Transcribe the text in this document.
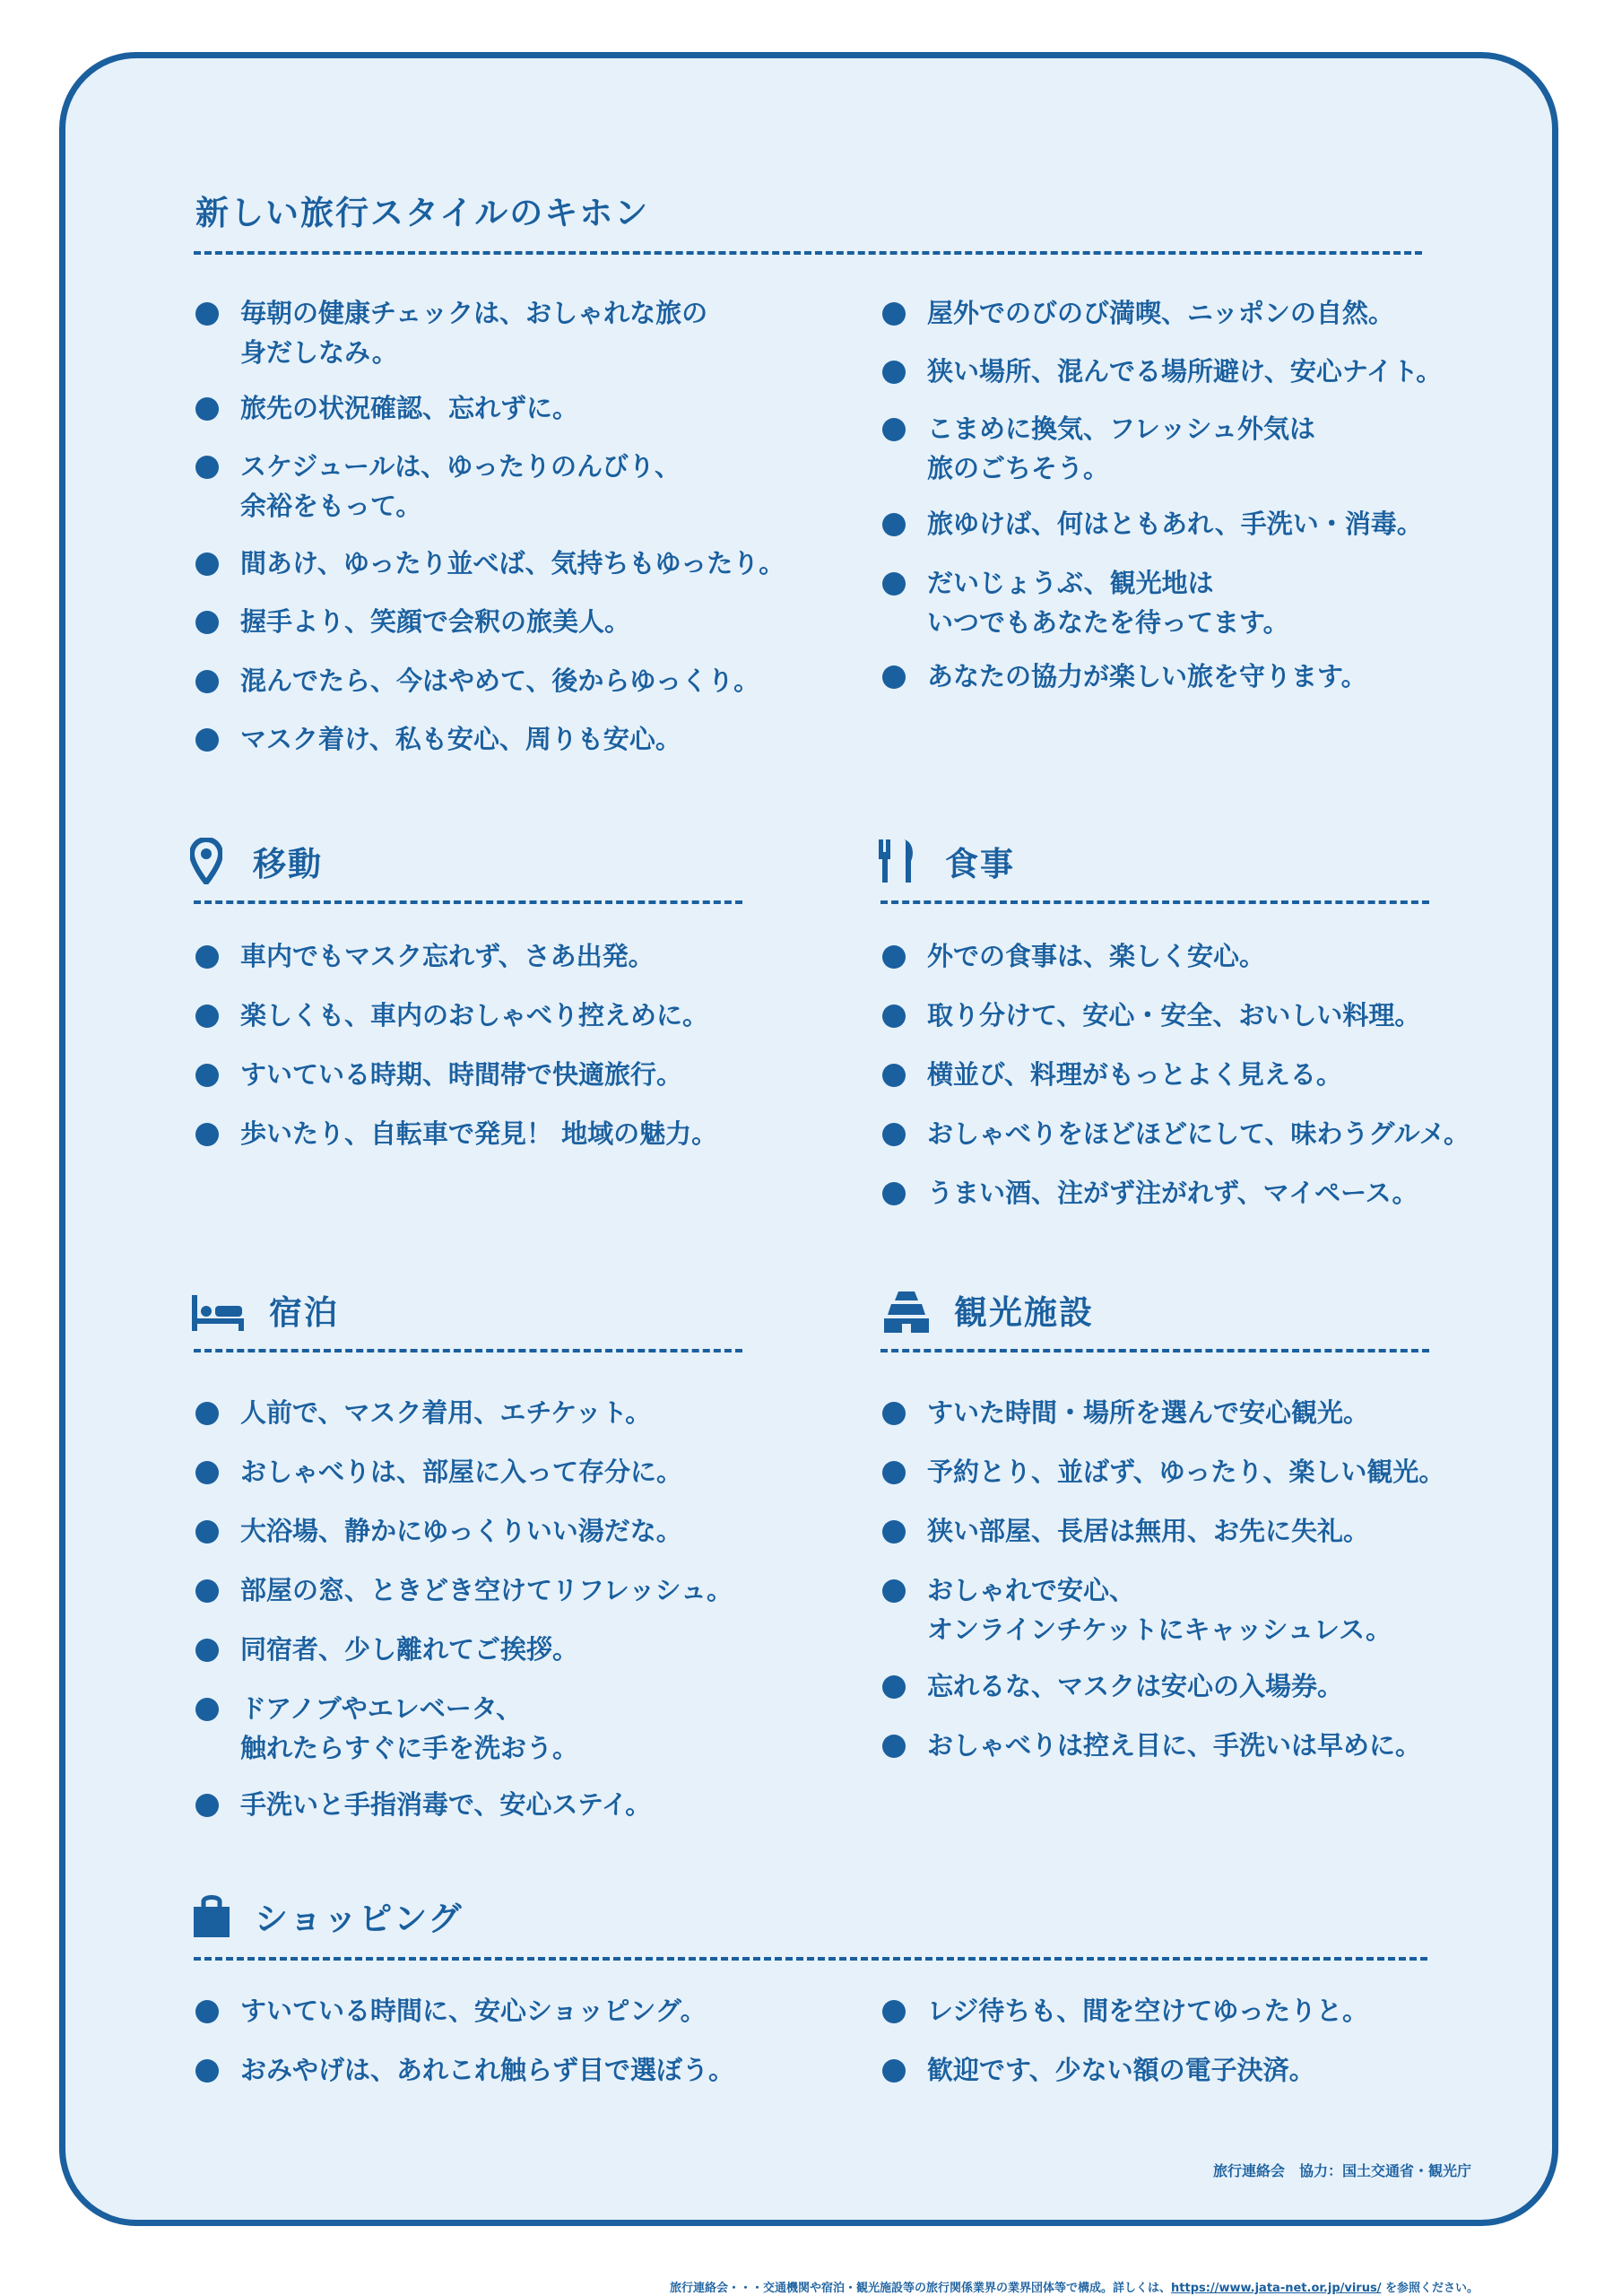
新しい旅行スタイルのキホン
毎朝の健康チェックは、おしゃれな旅の
身だしなみ。
旅先の状況確認、忘れずに。
スケジュールは、ゆったりのんびり、
余裕をもって。
間あけ、ゆったり並べば、気持ちもゆったり。
握手より、笑顔で会釈の旅美人。
混んでたら、今はやめて、後からゆっくり。
マスク着け、私も安心、周りも安心。
屋外でのびのび満喫、ニッポンの自然。
狭い場所、混んでる場所避け、安心ナイト。
こまめに換気、フレッシュ外気は
旅のごちそう。
旅ゆけば、何はともあれ、手洗い・消毒。
だいじょうぶ、観光地は
いつでもあなたを待ってます。
あなたの協力が楽しい旅を守ります。
移動
車内でもマスク忘れず、さあ出発。
楽しくも、車内のおしゃべり控えめに。
すいている時期、時間帯で快適旅行。
歩いたり、自転車で発見！ 地域の魅力。
食事
外での食事は、楽しく安心。
取り分けて、安心・安全、おいしい料理。
横並び、料理がもっとよく見える。
おしゃべりをほどほどにして、味わうグルメ。
うまい酒、注がず注がれず、マイペース。
宿泊
人前で、マスク着用、エチケット。
おしゃべりは、部屋に入って存分に。
大浴場、静かにゆっくりいい湯だな。
部屋の窓、ときどき空けてリフレッシュ。
同宿者、少し離れてご挨拶。
ドアノブやエレベータ、
触れたらすぐに手を洗おう。
手洗いと手指消毒で、安心ステイ。
観光施設
すいた時間・場所を選んで安心観光。
予約とり、並ばず、ゆったり、楽しい観光。
狭い部屋、長居は無用、お先に失礼。
おしゃれで安心、
オンラインチケットにキャッシュレス。
忘れるな、マスクは安心の入場券。
おしゃべりは控え目に、手洗いは早めに。
ショッピング
すいている時間に、安心ショッピング。
おみやげは、あれこれ触らず目で選ぼう。
レジ待ちも、間を空けてゆったりと。
歓迎です、少ない額の電子決済。
旅行連絡会　協力：国土交通省・観光庁
旅行連絡会・・・交通機関や宿泊・観光施設等の旅行関係業界の業界団体等で構成。詳しくは、https://www.jata-net.or.jp/virus/ を参照ください。
